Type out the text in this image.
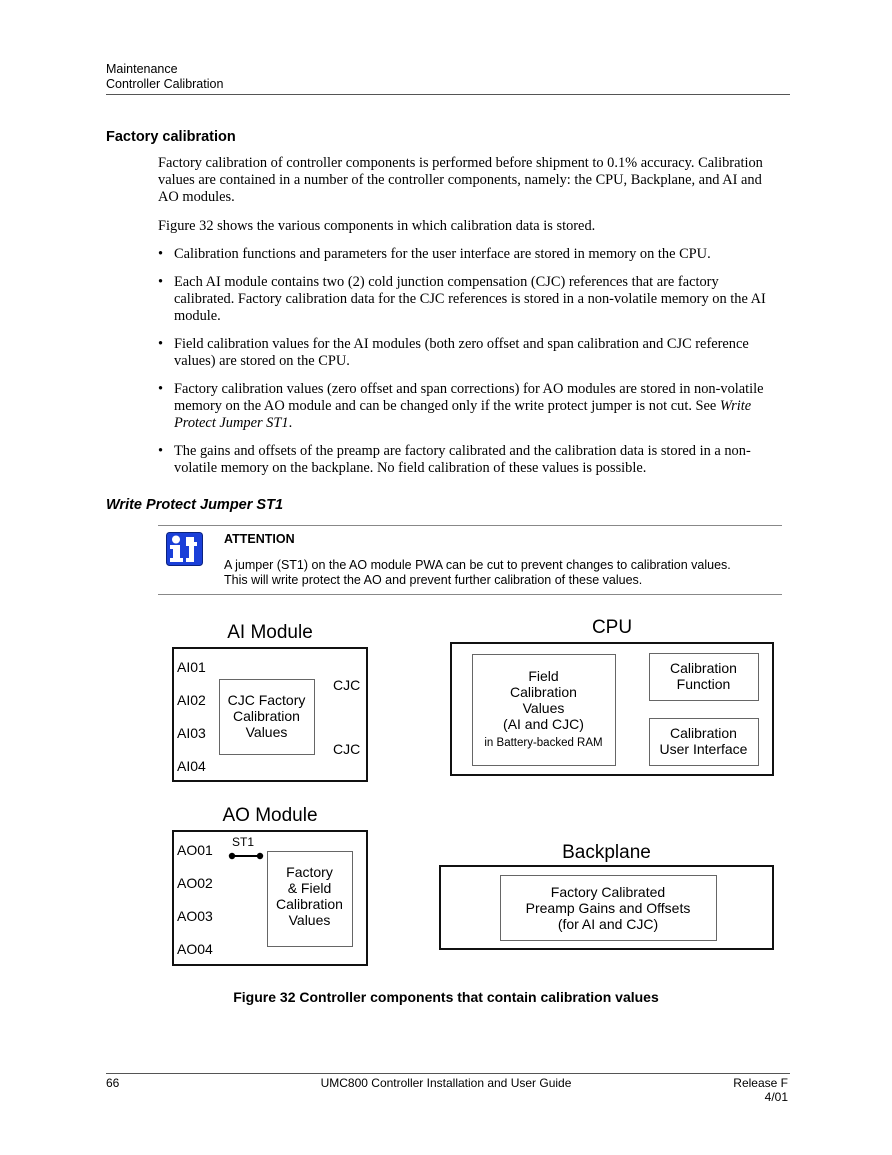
Maintenance
Controller Calibration
Factory calibration
Factory calibration of controller components is performed before shipment to 0.1% accuracy. Calibration values are contained in a number of the controller components, namely: the CPU, Backplane, and AI and AO modules.
Figure 32 shows the various components in which calibration data is stored.
• Calibration functions and parameters for the user interface are stored in memory on the CPU.
• Each AI module contains two (2) cold junction compensation (CJC) references that are factory calibrated. Factory calibration data for the CJC references is stored in a non-volatile memory on the AI module.
• Field calibration values for the AI modules (both zero offset and span calibration and CJC reference values) are stored on the CPU.
• Factory calibration values (zero offset and span corrections) for AO modules are stored in non-volatile memory on the AO module and can be changed only if the write protect jumper is not cut. See Write Protect Jumper ST1.
• The gains and offsets of the preamp are factory calibrated and the calibration data is stored in a non-volatile memory on the backplane. No field calibration of these values is possible.
Write Protect Jumper ST1
ATTENTION
A jumper (ST1) on the AO module PWA can be cut to prevent changes to calibration values.
This will write protect the AO and prevent further calibration of these values.
AI Module
AI01
AI02
AI03
AI04
CJC
CJC
CJC Factory
Calibration
Values
CPU
Field
Calibration
Values
(AI and CJC)
in Battery-backed RAM
Calibration
Function
Calibration
User Interface
AO Module
AO01
AO02
AO03
AO04
ST1
Factory
& Field
Calibration
Values
Backplane
Factory Calibrated
Preamp Gains and Offsets
(for AI and CJC)
Figure 32 Controller components that contain calibration values
66	UMC800 Controller Installation and User Guide	Release F
4/01
